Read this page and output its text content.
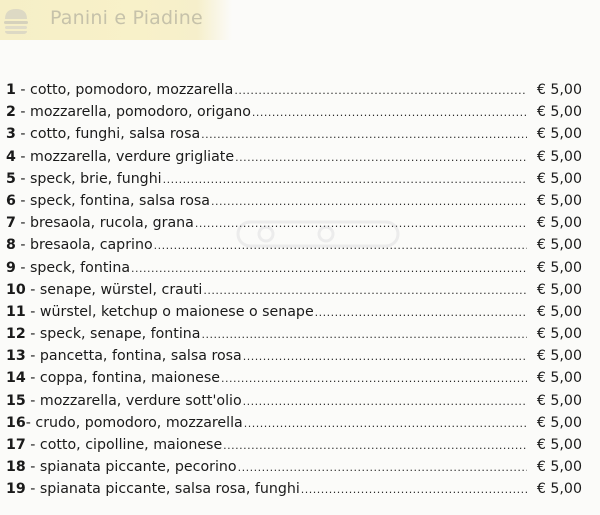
Panini e Piadine
1 - cotto, pomodoro, mozzarella .....	€ 5,00
2 - mozzarella, pomodoro, origano .....	€ 5,00
3 - cotto, funghi, salsa rosa .....	€ 5,00
4 - mozzarella, verdure grigliate .....	€ 5,00
5 - speck, brie, funghi .....	€ 5,00
6 - speck, fontina, salsa rosa .....	€ 5,00
7 - bresaola, rucola, grana .....	€ 5,00
8 - bresaola, caprino .....	€ 5,00
9 - speck, fontina .....	€ 5,00
10 - senape, würstel, crauti .....	€ 5,00
11 - würstel, ketchup o maionese o senape .....	€ 5,00
12 - speck, senape, fontina .....	€ 5,00
13 - pancetta, fontina, salsa rosa .....	€ 5,00
14 - coppa, fontina, maionese .....	€ 5,00
15 - mozzarella, verdure sott'olio .....	€ 5,00
16 - crudo, pomodoro, mozzarella .....	€ 5,00
17 - cotto, cipolline, maionese .....	€ 5,00
18 - spianata piccante, pecorino .....	€ 5,00
19 - spianata piccante, salsa rosa, funghi .....	€ 5,00
